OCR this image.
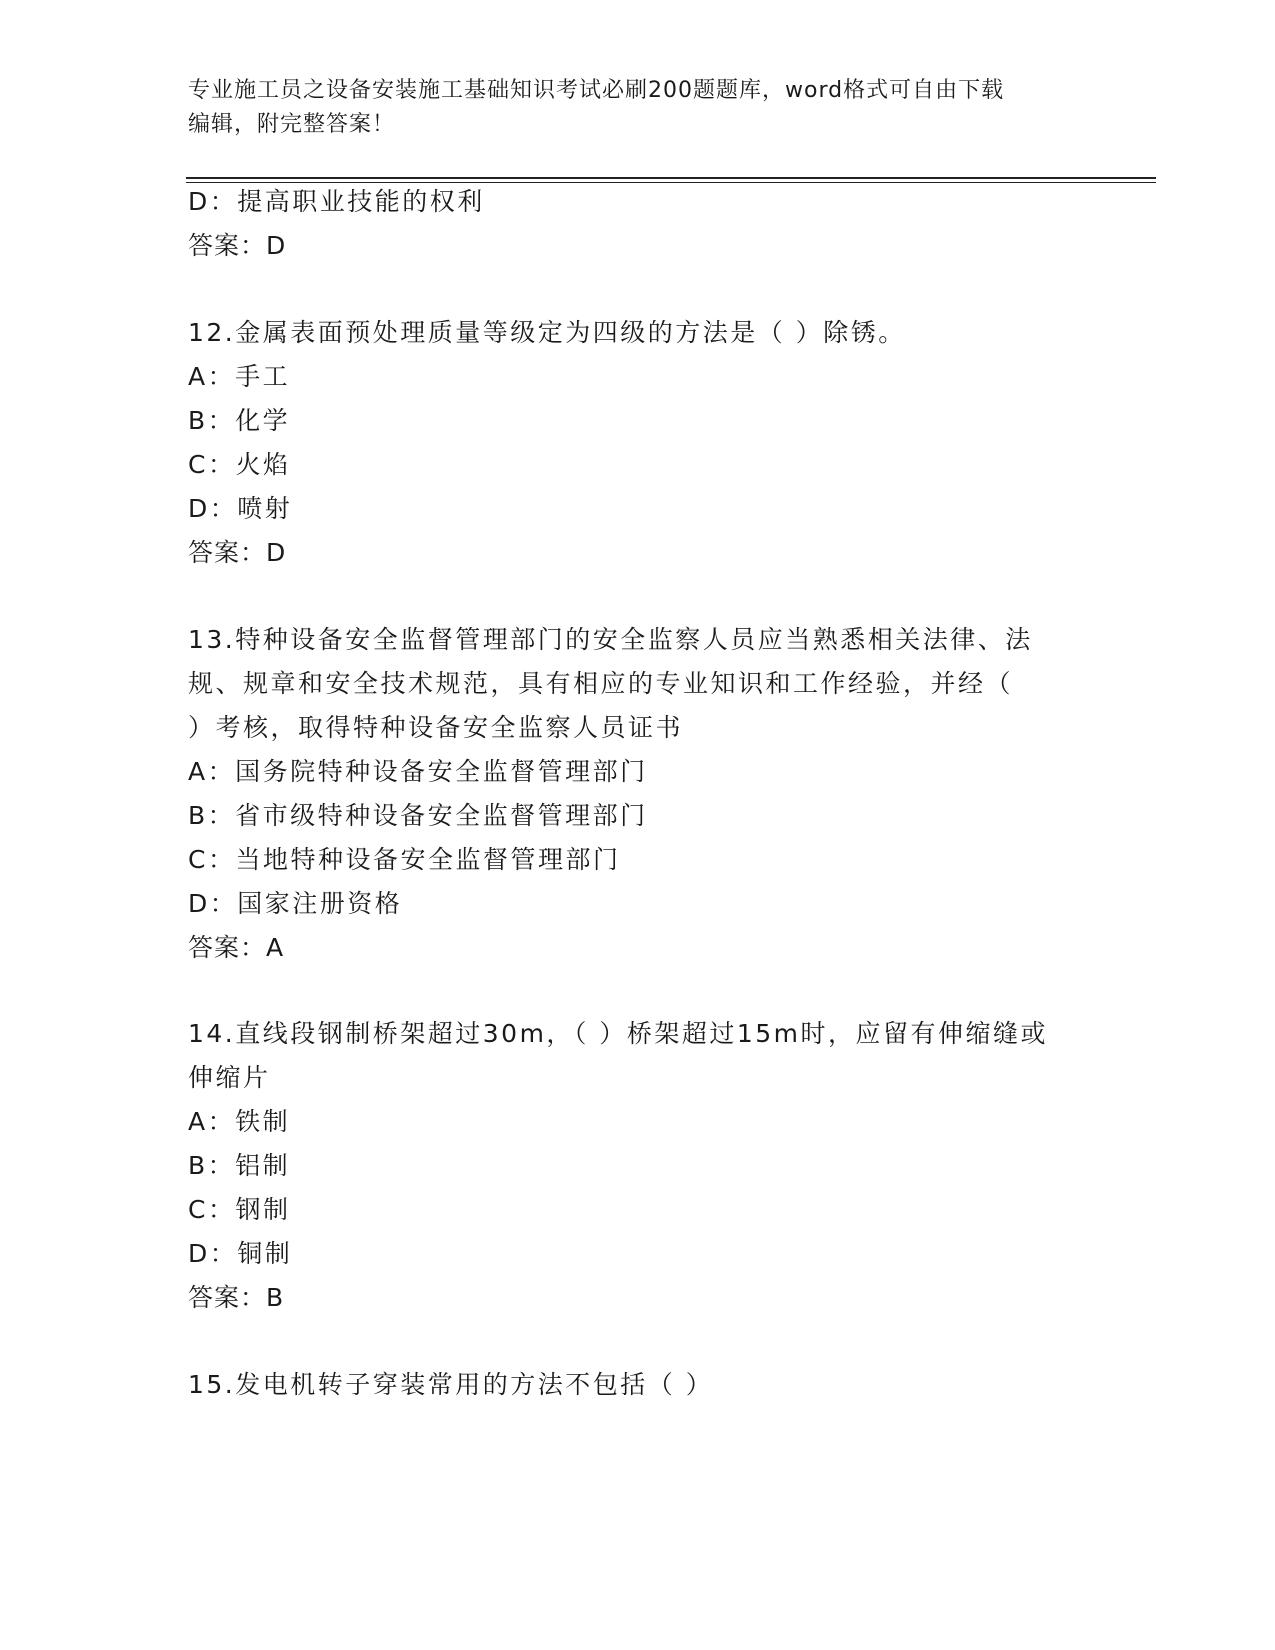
专业施工员之设备安装施工基础知识考试必刷200题题库，word格式可自由下载
编辑，附完整答案！
D：提高职业技能的权利
答案：D
12.金属表面预处理质量等级定为四级的方法是（ ）除锈。
A：手工
B：化学
C：火焰
D：喷射
答案：D
13.特种设备安全监督管理部门的安全监察人员应当熟悉相关法律、法
规、规章和安全技术规范，具有相应的专业知识和工作经验，并经（
）考核，取得特种设备安全监察人员证书
A：国务院特种设备安全监督管理部门
B：省市级特种设备安全监督管理部门
C：当地特种设备安全监督管理部门
D：国家注册资格
答案：A
14.直线段钢制桥架超过30m，（ ）桥架超过15m时，应留有伸缩缝或
伸缩片
A：铁制
B：铝制
C：钢制
D：铜制
答案：B
15.发电机转子穿装常用的方法不包括（ ）
